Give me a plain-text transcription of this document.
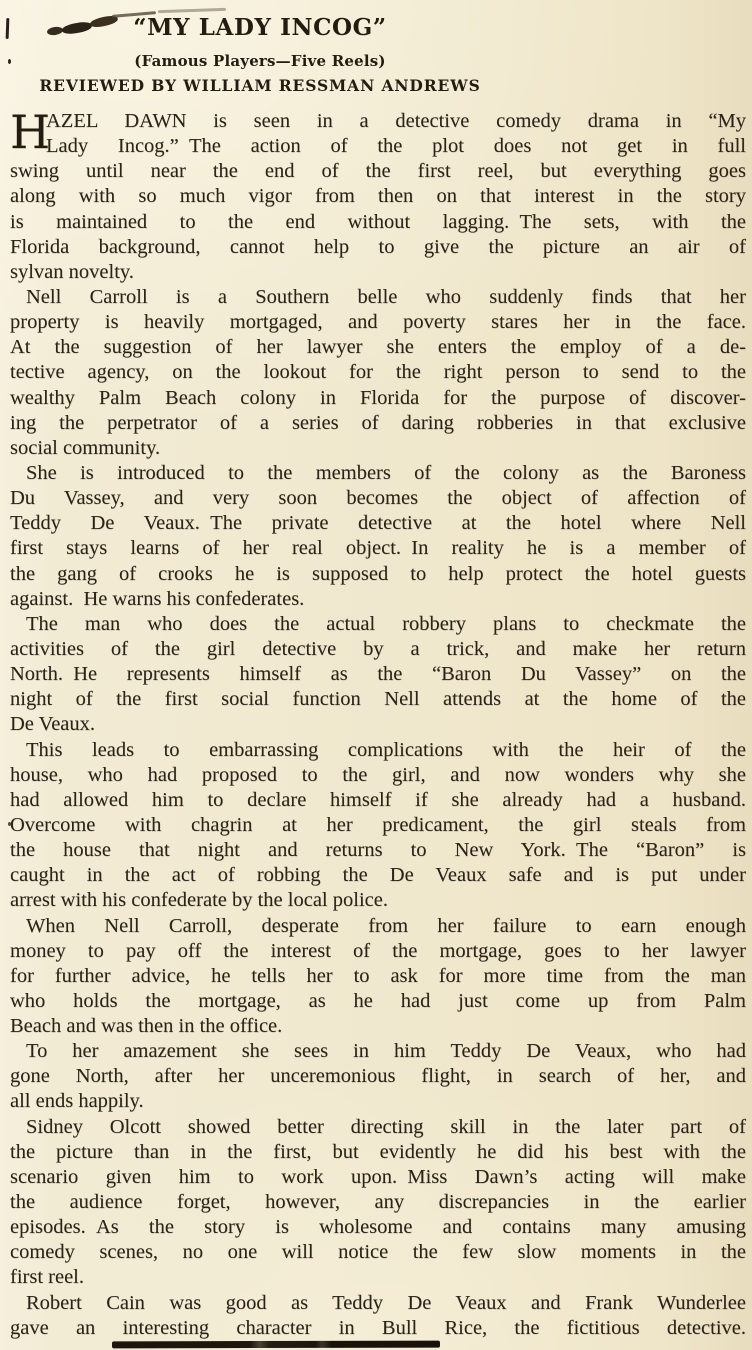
“MY LADY INCOG”
(Famous Players—Five Reels)
REVIEWED BY WILLIAM RESSMAN ANDREWS
H
AZEL DAWN is seen in a detective comedy drama in “My
Lady Incog.” The action of the plot does not get in full
swing until near the end of the first reel, but everything goes
along with so much vigor from then on that interest in the story
is maintained to the end without lagging. The sets, with the
Florida background, cannot help to give the picture an air of
sylvan novelty.
Nell Carroll is a Southern belle who suddenly finds that her
property is heavily mortgaged, and poverty stares her in the face.
At the suggestion of her lawyer she enters the employ of a de-
tective agency, on the lookout for the right person to send to the
wealthy Palm Beach colony in Florida for the purpose of discover-
ing the perpetrator of a series of daring robberies in that exclusive
social community.
She is introduced to the members of the colony as the Baroness
Du Vassey, and very soon becomes the object of affection of
Teddy De Veaux. The private detective at the hotel where Nell
first stays learns of her real object. In reality he is a member of
the gang of crooks he is supposed to help protect the hotel guests
against. He warns his confederates.
The man who does the actual robbery plans to checkmate the
activities of the girl detective by a trick, and make her return
North. He represents himself as the “Baron Du Vassey” on the
night of the first social function Nell attends at the home of the
De Veaux.
This leads to embarrassing complications with the heir of the
house, who had proposed to the girl, and now wonders why she
had allowed him to declare himself if she already had a husband.
Overcome with chagrin at her predicament, the girl steals from
the house that night and returns to New York. The “Baron” is
caught in the act of robbing the De Veaux safe and is put under
arrest with his confederate by the local police.
When Nell Carroll, desperate from her failure to earn enough
money to pay off the interest of the mortgage, goes to her lawyer
for further advice, he tells her to ask for more time from the man
who holds the mortgage, as he had just come up from Palm
Beach and was then in the office.
To her amazement she sees in him Teddy De Veaux, who had
gone North, after her unceremonious flight, in search of her, and
all ends happily.
Sidney Olcott showed better directing skill in the later part of
the picture than in the first, but evidently he did his best with the
scenario given him to work upon. Miss Dawn’s acting will make
the audience forget, however, any discrepancies in the earlier
episodes. As the story is wholesome and contains many amusing
comedy scenes, no one will notice the few slow moments in the
first reel.
Robert Cain was good as Teddy De Veaux and Frank Wunderlee
gave an interesting character in Bull Rice, the fictitious detective.
